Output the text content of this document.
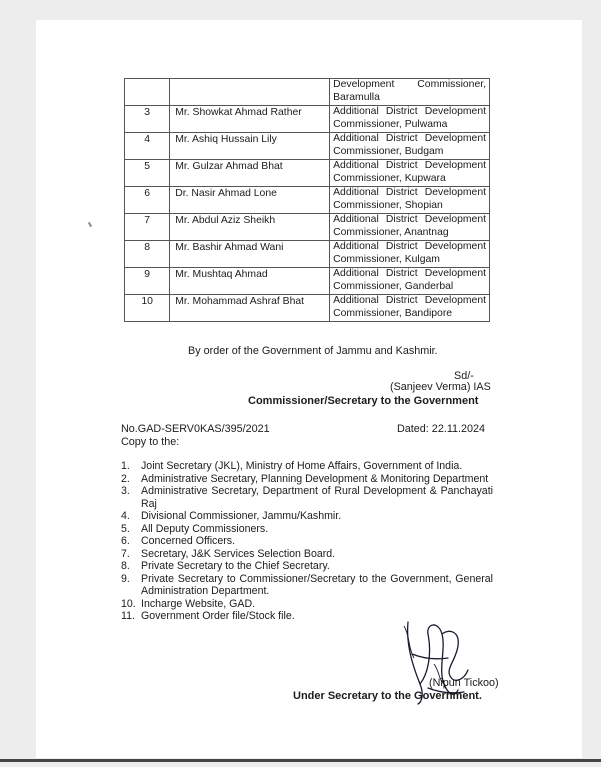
		Development Commissioner, Baramulla
3	Mr. Showkat Ahmad Rather	Additional District Development Commissioner, Pulwama
4	Mr. Ashiq Hussain Lily	Additional District Development Commissioner, Budgam
5	Mr. Gulzar Ahmad Bhat	Additional District Development Commissioner, Kupwara
6	Dr. Nasir Ahmad Lone	Additional District Development Commissioner, Shopian
7	Mr. Abdul Aziz Sheikh	Additional District Development Commissioner, Anantnag
8	Mr. Bashir Ahmad Wani	Additional District Development Commissioner, Kulgam
9	Mr. Mushtaq Ahmad	Additional District Development Commissioner, Ganderbal
10	Mr. Mohammad Ashraf Bhat	Additional District Development Commissioner, Bandipore
By order of the Government of Jammu and Kashmir.
Sd/-
(Sanjeev Verma) IAS
Commissioner/Secretary to the Government
No.GAD-SERV0KAS/395/2021	Dated: 22.11.2024
Copy to the:
1. Joint Secretary (JKL), Ministry of Home Affairs, Government of India.
2. Administrative Secretary, Planning Development & Monitoring Department
3. Administrative Secretary, Department of Rural Development & Panchayati Raj
4. Divisional Commissioner, Jammu/Kashmir.
5. All Deputy Commissioners.
6. Concerned Officers.
7. Secretary, J&K Services Selection Board.
8. Private Secretary to the Chief Secretary.
9. Private Secretary to Commissioner/Secretary to the Government, General Administration Department.
10. Incharge Website, GAD.
11. Government Order file/Stock file.
(Nipun Tickoo)
Under Secretary to the Government.
